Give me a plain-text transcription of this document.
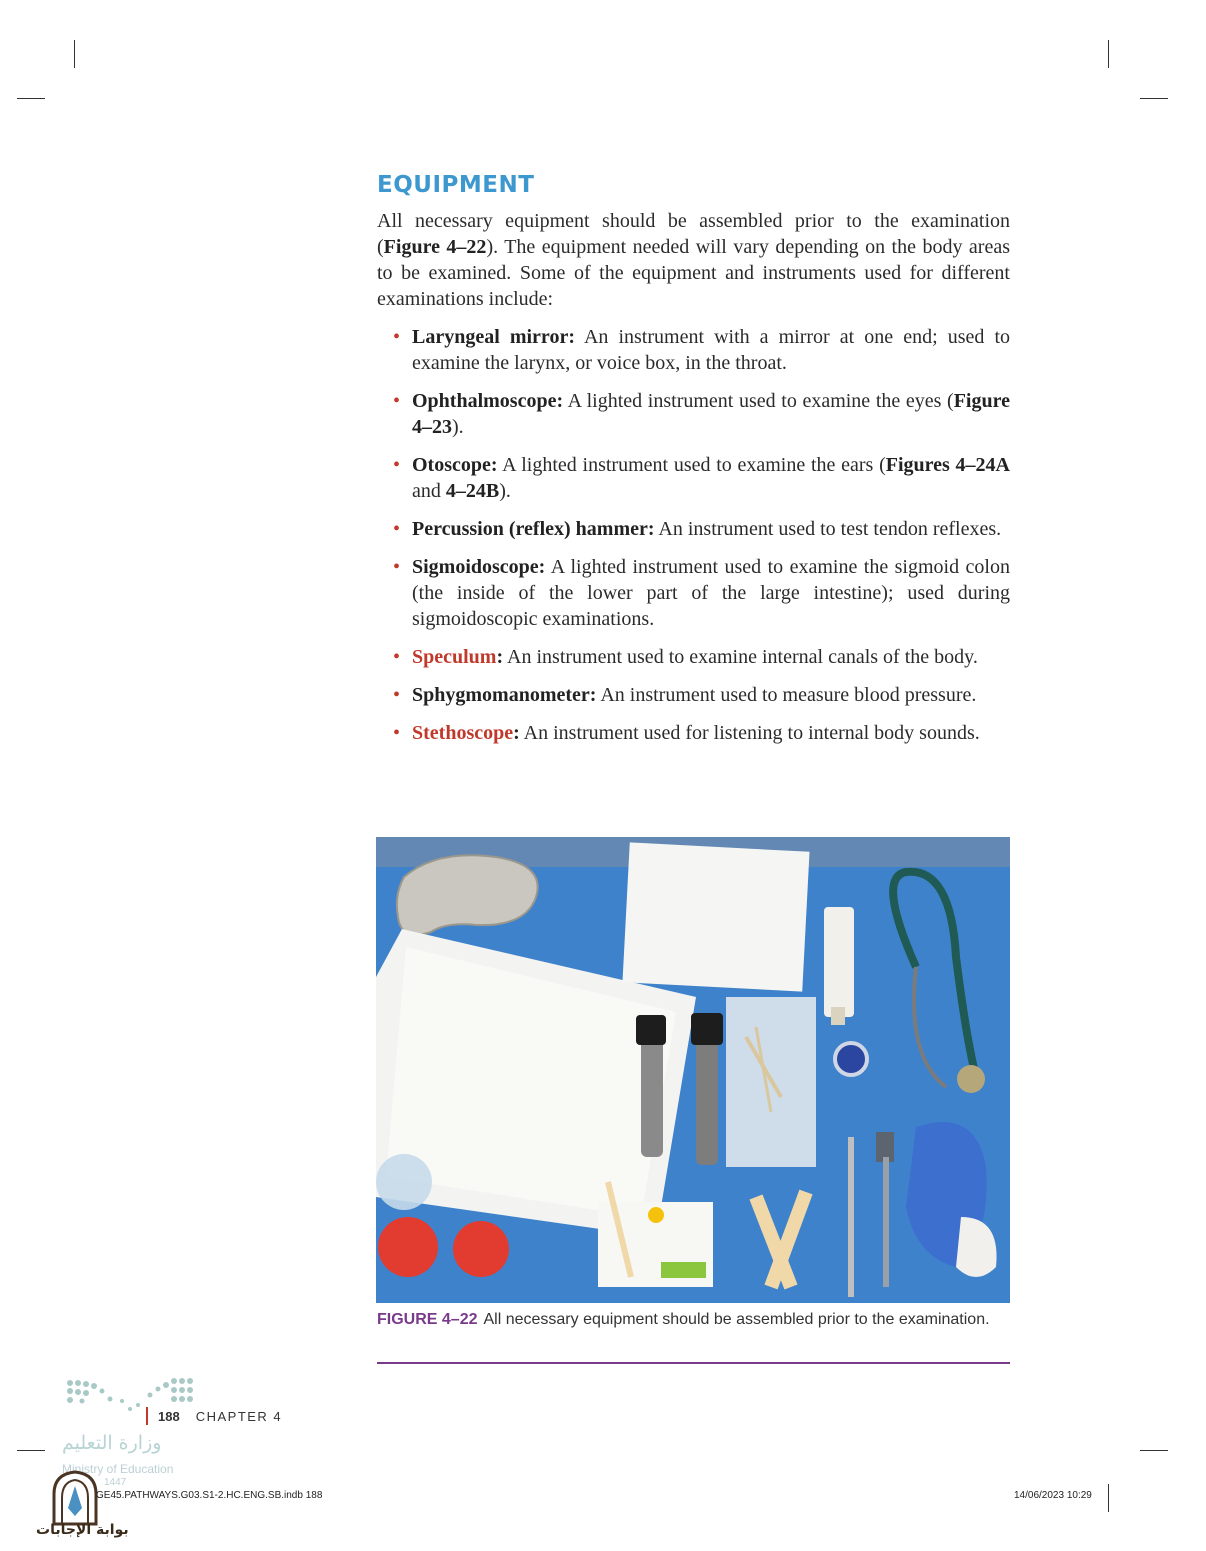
EQUIPMENT

All necessary equipment should be assembled prior to the examination (Figure 4–22). The equipment needed will vary depending on the body areas to be examined. Some of the equipment and instruments used for different examinations include:

• Laryngeal mirror: An instrument with a mirror at one end; used to examine the larynx, or voice box, in the throat.
• Ophthalmoscope: A lighted instrument used to examine the eyes (Figure 4–23).
• Otoscope: A lighted instrument used to examine the ears (Figures 4–24A and 4–24B).
• Percussion (reflex) hammer: An instrument used to test tendon reflexes.
• Sigmoidoscope: A lighted instrument used to examine the sigmoid colon (the inside of the lower part of the large intestine); used during sigmoidoscopic examinations.
• Speculum: An instrument used to examine internal canals of the body.
• Sphygmomanometer: An instrument used to measure blood pressure.
• Stethoscope: An instrument used for listening to internal body sounds.
FIGURE 4–22 All necessary equipment should be assembled prior to the examination.
188 CHAPTER 4
وزارة التعليم
Ministry of Education
1447
GE45.PATHWAYS.G03.S1-2.HC.ENG.SB.indb 188	14/06/2023 10:29
بوابة الإجابات
